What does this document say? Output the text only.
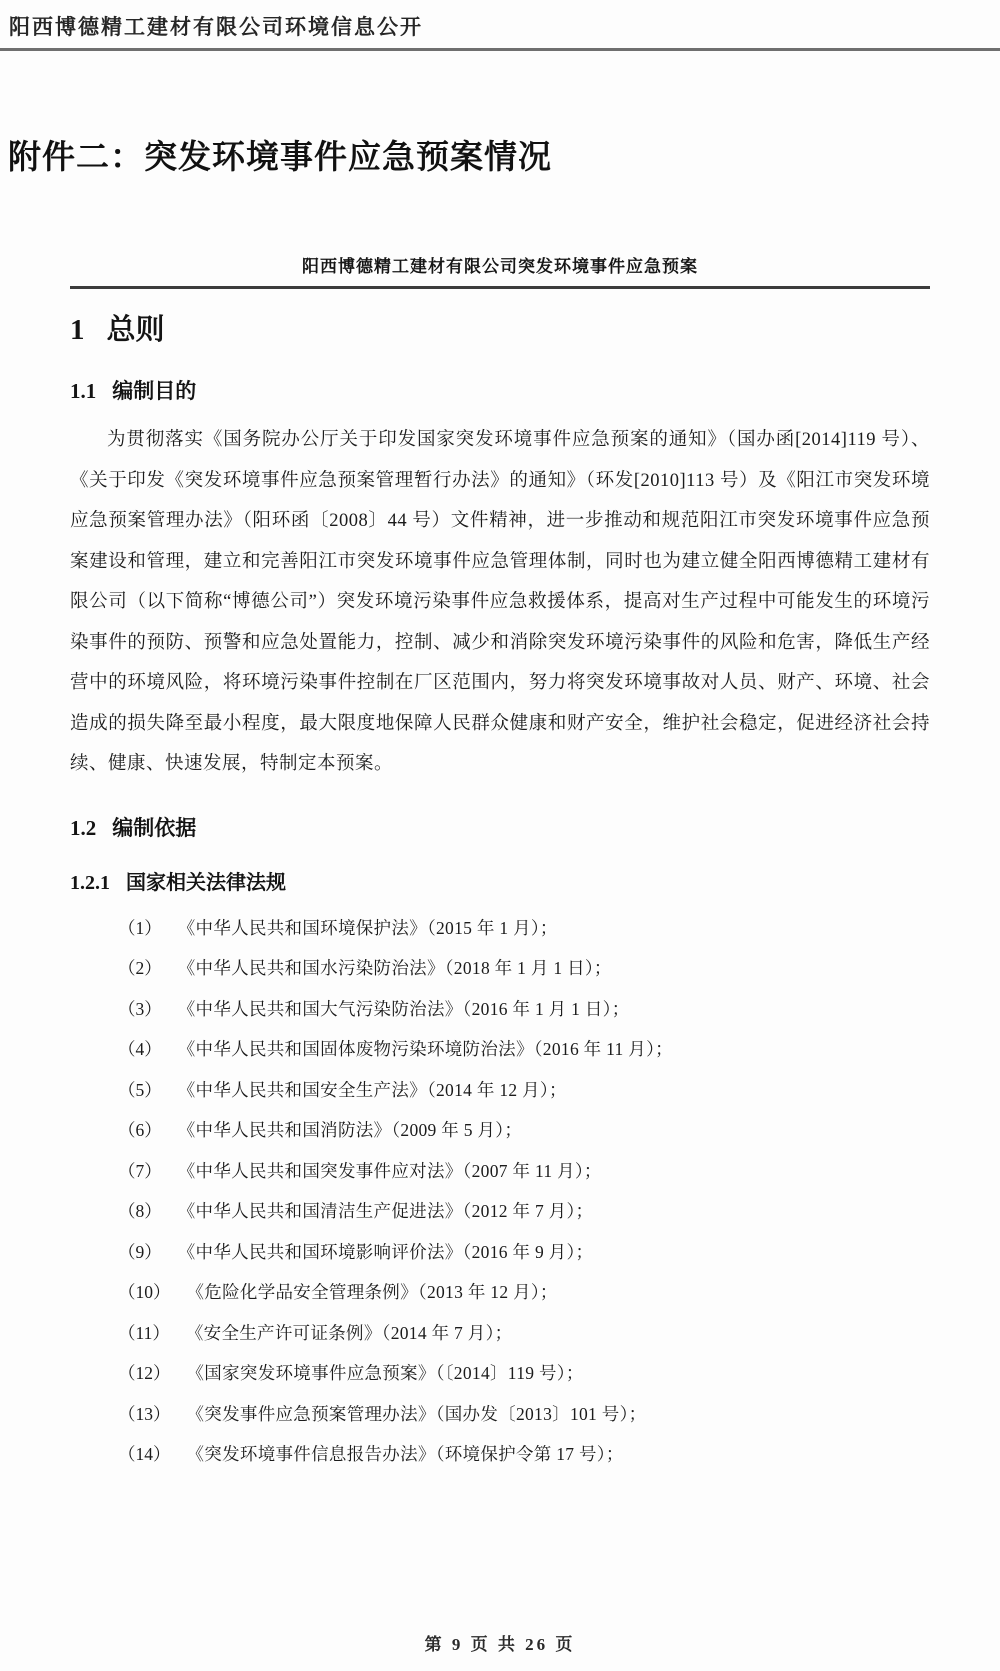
阳西博德精工建材有限公司环境信息公开
附件二：突发环境事件应急预案情况
阳西博德精工建材有限公司突发环境事件应急预案
1 总则
1.1 编制目的

为贯彻落实《国务院办公厅关于印发国家突发环境事件应急预案的通知》（国办函[2014]119 号）、《关于印发《突发环境事件应急预案管理暂行办法》的通知》（环发[2010]113 号）及《阳江市突发环境应急预案管理办法》（阳环函〔2008〕44 号）文件精神，进一步推动和规范阳江市突发环境事件应急预案建设和管理，建立和完善阳江市突发环境事件应急管理体制，同时也为建立健全阳西博德精工建材有限公司（以下简称“博德公司”）突发环境污染事件应急救援体系，提高对生产过程中可能发生的环境污染事件的预防、预警和应急处置能力，控制、减少和消除突发环境污染事件的风险和危害，降低生产经营中的环境风险，将环境污染事件控制在厂区范围内，努力将突发环境事故对人员、财产、环境、社会造成的损失降至最小程度，最大限度地保障人民群众健康和财产安全，维护社会稳定，促进经济社会持续、健康、快速发展，特制定本预案。

1.2 编制依据
1.2.1 国家相关法律法规
（1） 《中华人民共和国环境保护法》（2015 年 1 月）；
（2） 《中华人民共和国水污染防治法》（2018 年 1 月 1 日）；
（3） 《中华人民共和国大气污染防治法》（2016 年 1 月 1 日）；
（4） 《中华人民共和国固体废物污染环境防治法》（2016 年 11 月）；
（5） 《中华人民共和国安全生产法》（2014 年 12 月）；
（6） 《中华人民共和国消防法》（2009 年 5 月）；
（7） 《中华人民共和国突发事件应对法》（2007 年 11 月）；
（8） 《中华人民共和国清洁生产促进法》（2012 年 7 月）；
（9） 《中华人民共和国环境影响评价法》（2016 年 9 月）；
（10） 《危险化学品安全管理条例》（2013 年 12 月）；
（11） 《安全生产许可证条例》（2014 年 7 月）；
（12） 《国家突发环境事件应急预案》（〔2014〕119 号）；
（13） 《突发事件应急预案管理办法》（国办发〔2013〕101 号）；
（14） 《突发环境事件信息报告办法》（环境保护令第 17 号）；
第 9 页 共 26 页
